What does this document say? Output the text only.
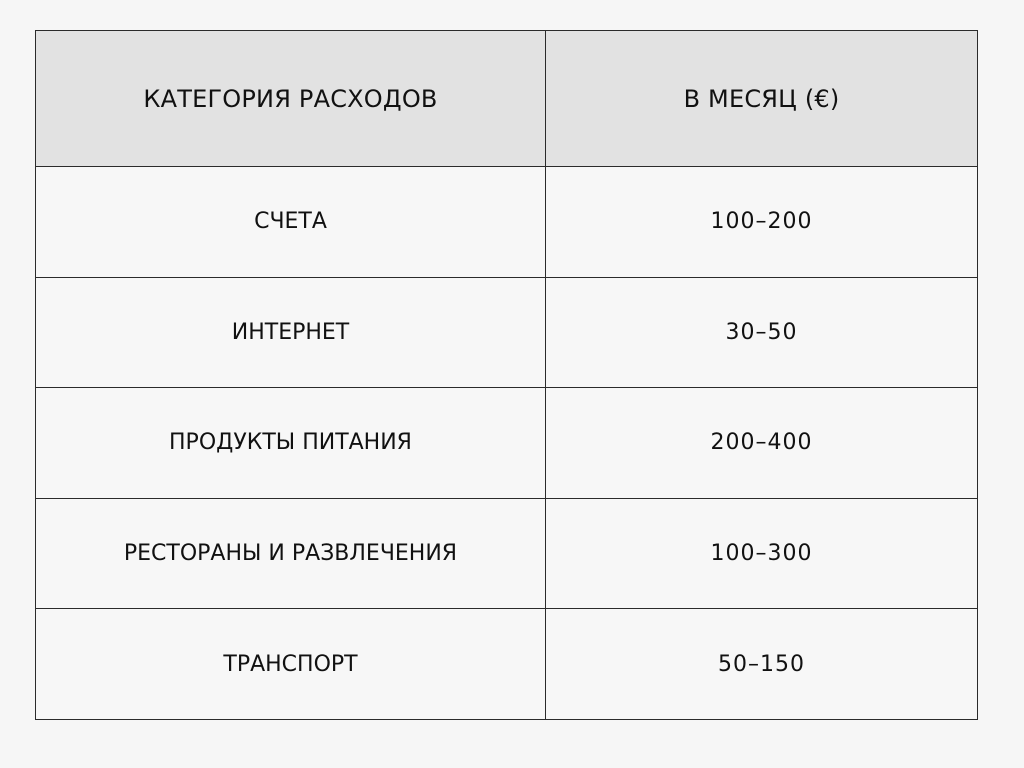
КАТЕГОРИЯ РАСХОДОВ	В МЕСЯЦ (€)
СЧЕТА	100–200
ИНТЕРНЕТ	30–50
ПРОДУКТЫ ПИТАНИЯ	200–400
РЕСТОРАНЫ И РАЗВЛЕЧЕНИЯ	100–300
ТРАНСПОРТ	50–150
